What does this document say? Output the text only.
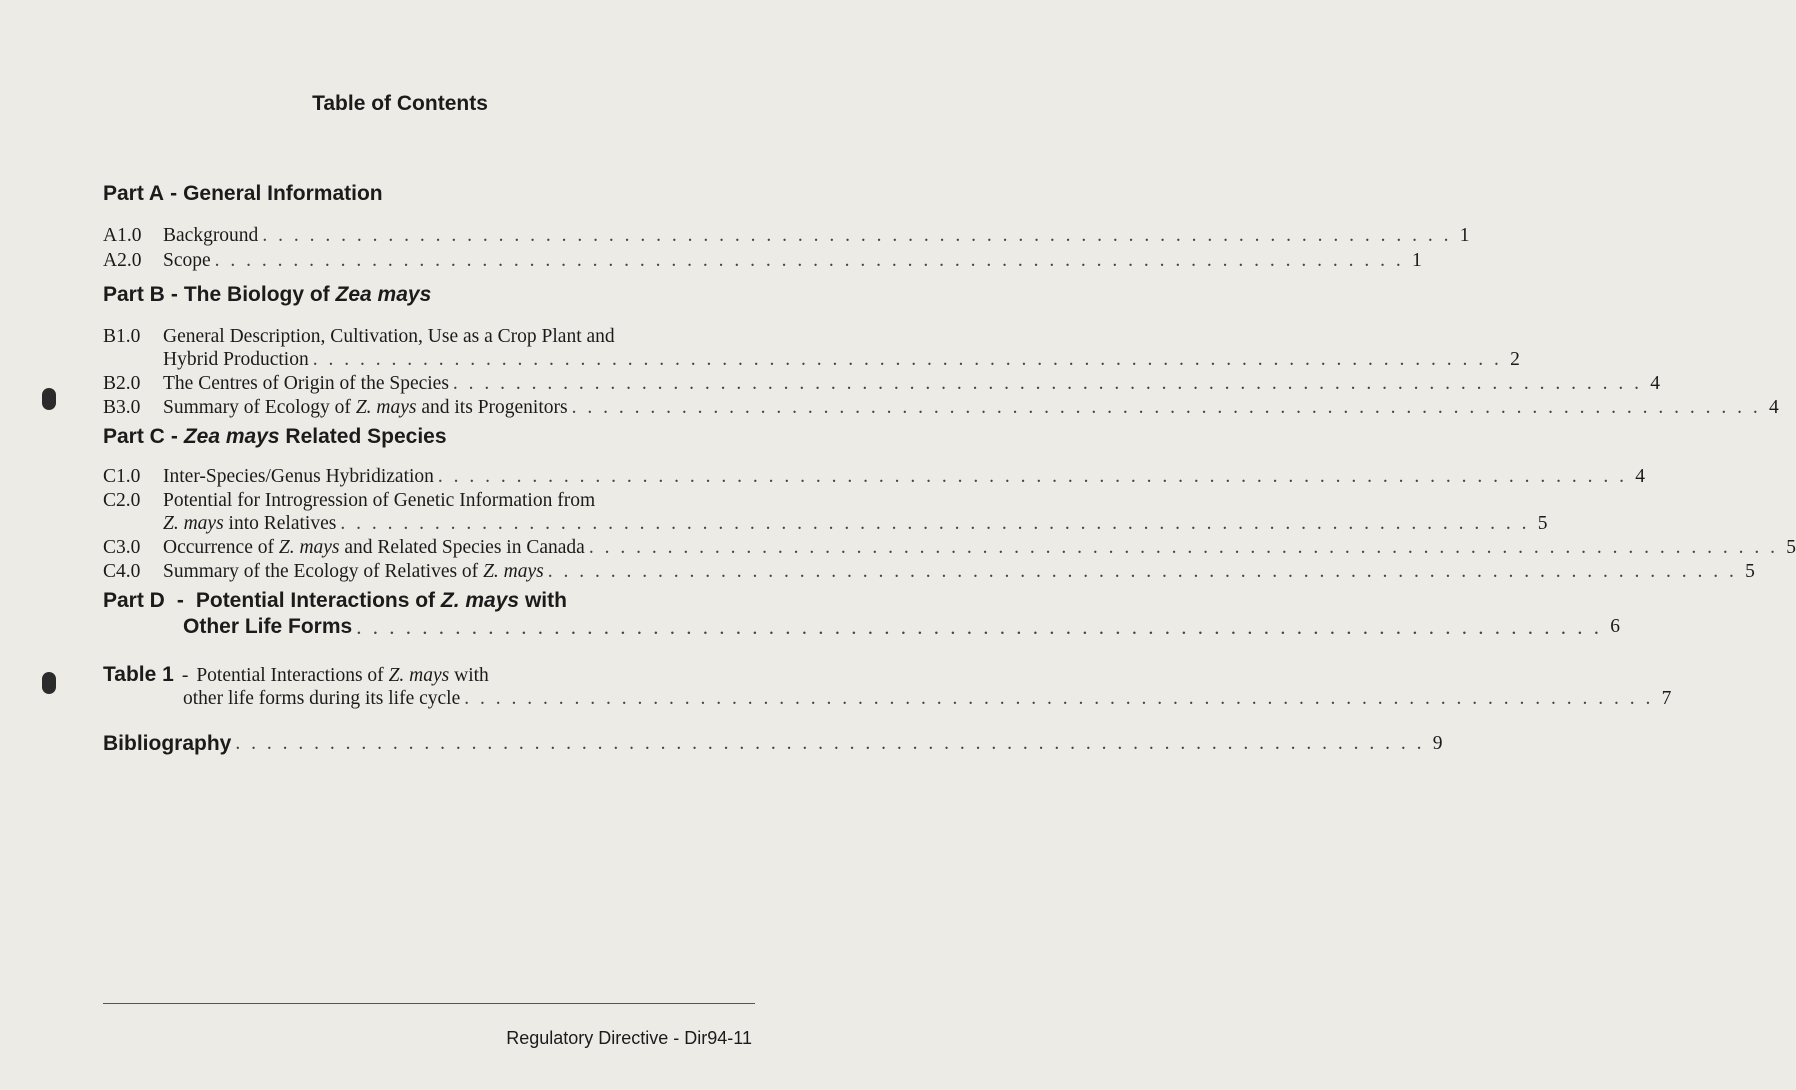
Table of Contents
Part A - General Information
A1.0 Background . . . . . . . . . . . . . . . . . . . . . . . . . . . . . . . . . . . . . . . . . . . . . . . . . . . . . . . . . . . . . . . . . . . . . . . . . . . . 1
A2.0 Scope . . . . . . . . . . . . . . . . . . . . . . . . . . . . . . . . . . . . . . . . . . . . . . . . . . . . . . . . . . . . . . . . . . . . . . . . . . . . 1
Part B - The Biology of Zea mays
B1.0 General Description, Cultivation, Use as a Crop Plant and
Hybrid Production . . . . . . . . . . . . . . . . . . . . . . . . . . . . . . . . . . . . . . . . . . . . . . . . . . . . . . . . . . . . . . . . . . . . . . . . . . . . 2
B2.0 The Centres of Origin of the Species . . . . . . . . . . . . . . . . . . . . . . . . . . . . . . . . . . . . . . . . . . . . . . . . . . . . . . . . . . . . . . . . . . . . . . . . . . . . 4
B3.0 Summary of Ecology of Z. mays and its Progenitors . . . . . . . . . . . . . . . . . . . . . . . . . . . . . . . . . . . . . . . . . . . . . . . . . . . . . . . . . . . . . . . . . . . . . . . . . . . . 4
Part C - Zea mays Related Species
C1.0 Inter-Species/Genus Hybridization . . . . . . . . . . . . . . . . . . . . . . . . . . . . . . . . . . . . . . . . . . . . . . . . . . . . . . . . . . . . . . . . . . . . . . . . . . . . 4
C2.0 Potential for Introgression of Genetic Information from
Z. mays into Relatives . . . . . . . . . . . . . . . . . . . . . . . . . . . . . . . . . . . . . . . . . . . . . . . . . . . . . . . . . . . . . . . . . . . . . . . . . . . . 5
C3.0 Occurrence of Z. mays and Related Species in Canada . . . . . . . . . . . . . . . . . . . . . . . . . . . . . . . . . . . . . . . . . . . . . . . . . . . . . . . . . . . . . . . . . . . . . . . . . . . . 5
C4.0 Summary of the Ecology of Relatives of Z. mays . . . . . . . . . . . . . . . . . . . . . . . . . . . . . . . . . . . . . . . . . . . . . . . . . . . . . . . . . . . . . . . . . . . . . . . . . . . . 5
Part D - Potential Interactions of Z. mays with
Other Life Forms . . . . . . . . . . . . . . . . . . . . . . . . . . . . . . . . . . . . . . . . . . . . . . . . . . . . . . . . . . . . . . . . . . . . . . . . . . . . 6
Table 1 - Potential Interactions of Z. mays with
other life forms during its life cycle . . . . . . . . . . . . . . . . . . . . . . . . . . . . . . . . . . . . . . . . . . . . . . . . . . . . . . . . . . . . . . . . . . . . . . . . . . . . 7
Bibliography . . . . . . . . . . . . . . . . . . . . . . . . . . . . . . . . . . . . . . . . . . . . . . . . . . . . . . . . . . . . . . . . . . . . . . . . . . . . 9
Regulatory Directive - Dir94-11
